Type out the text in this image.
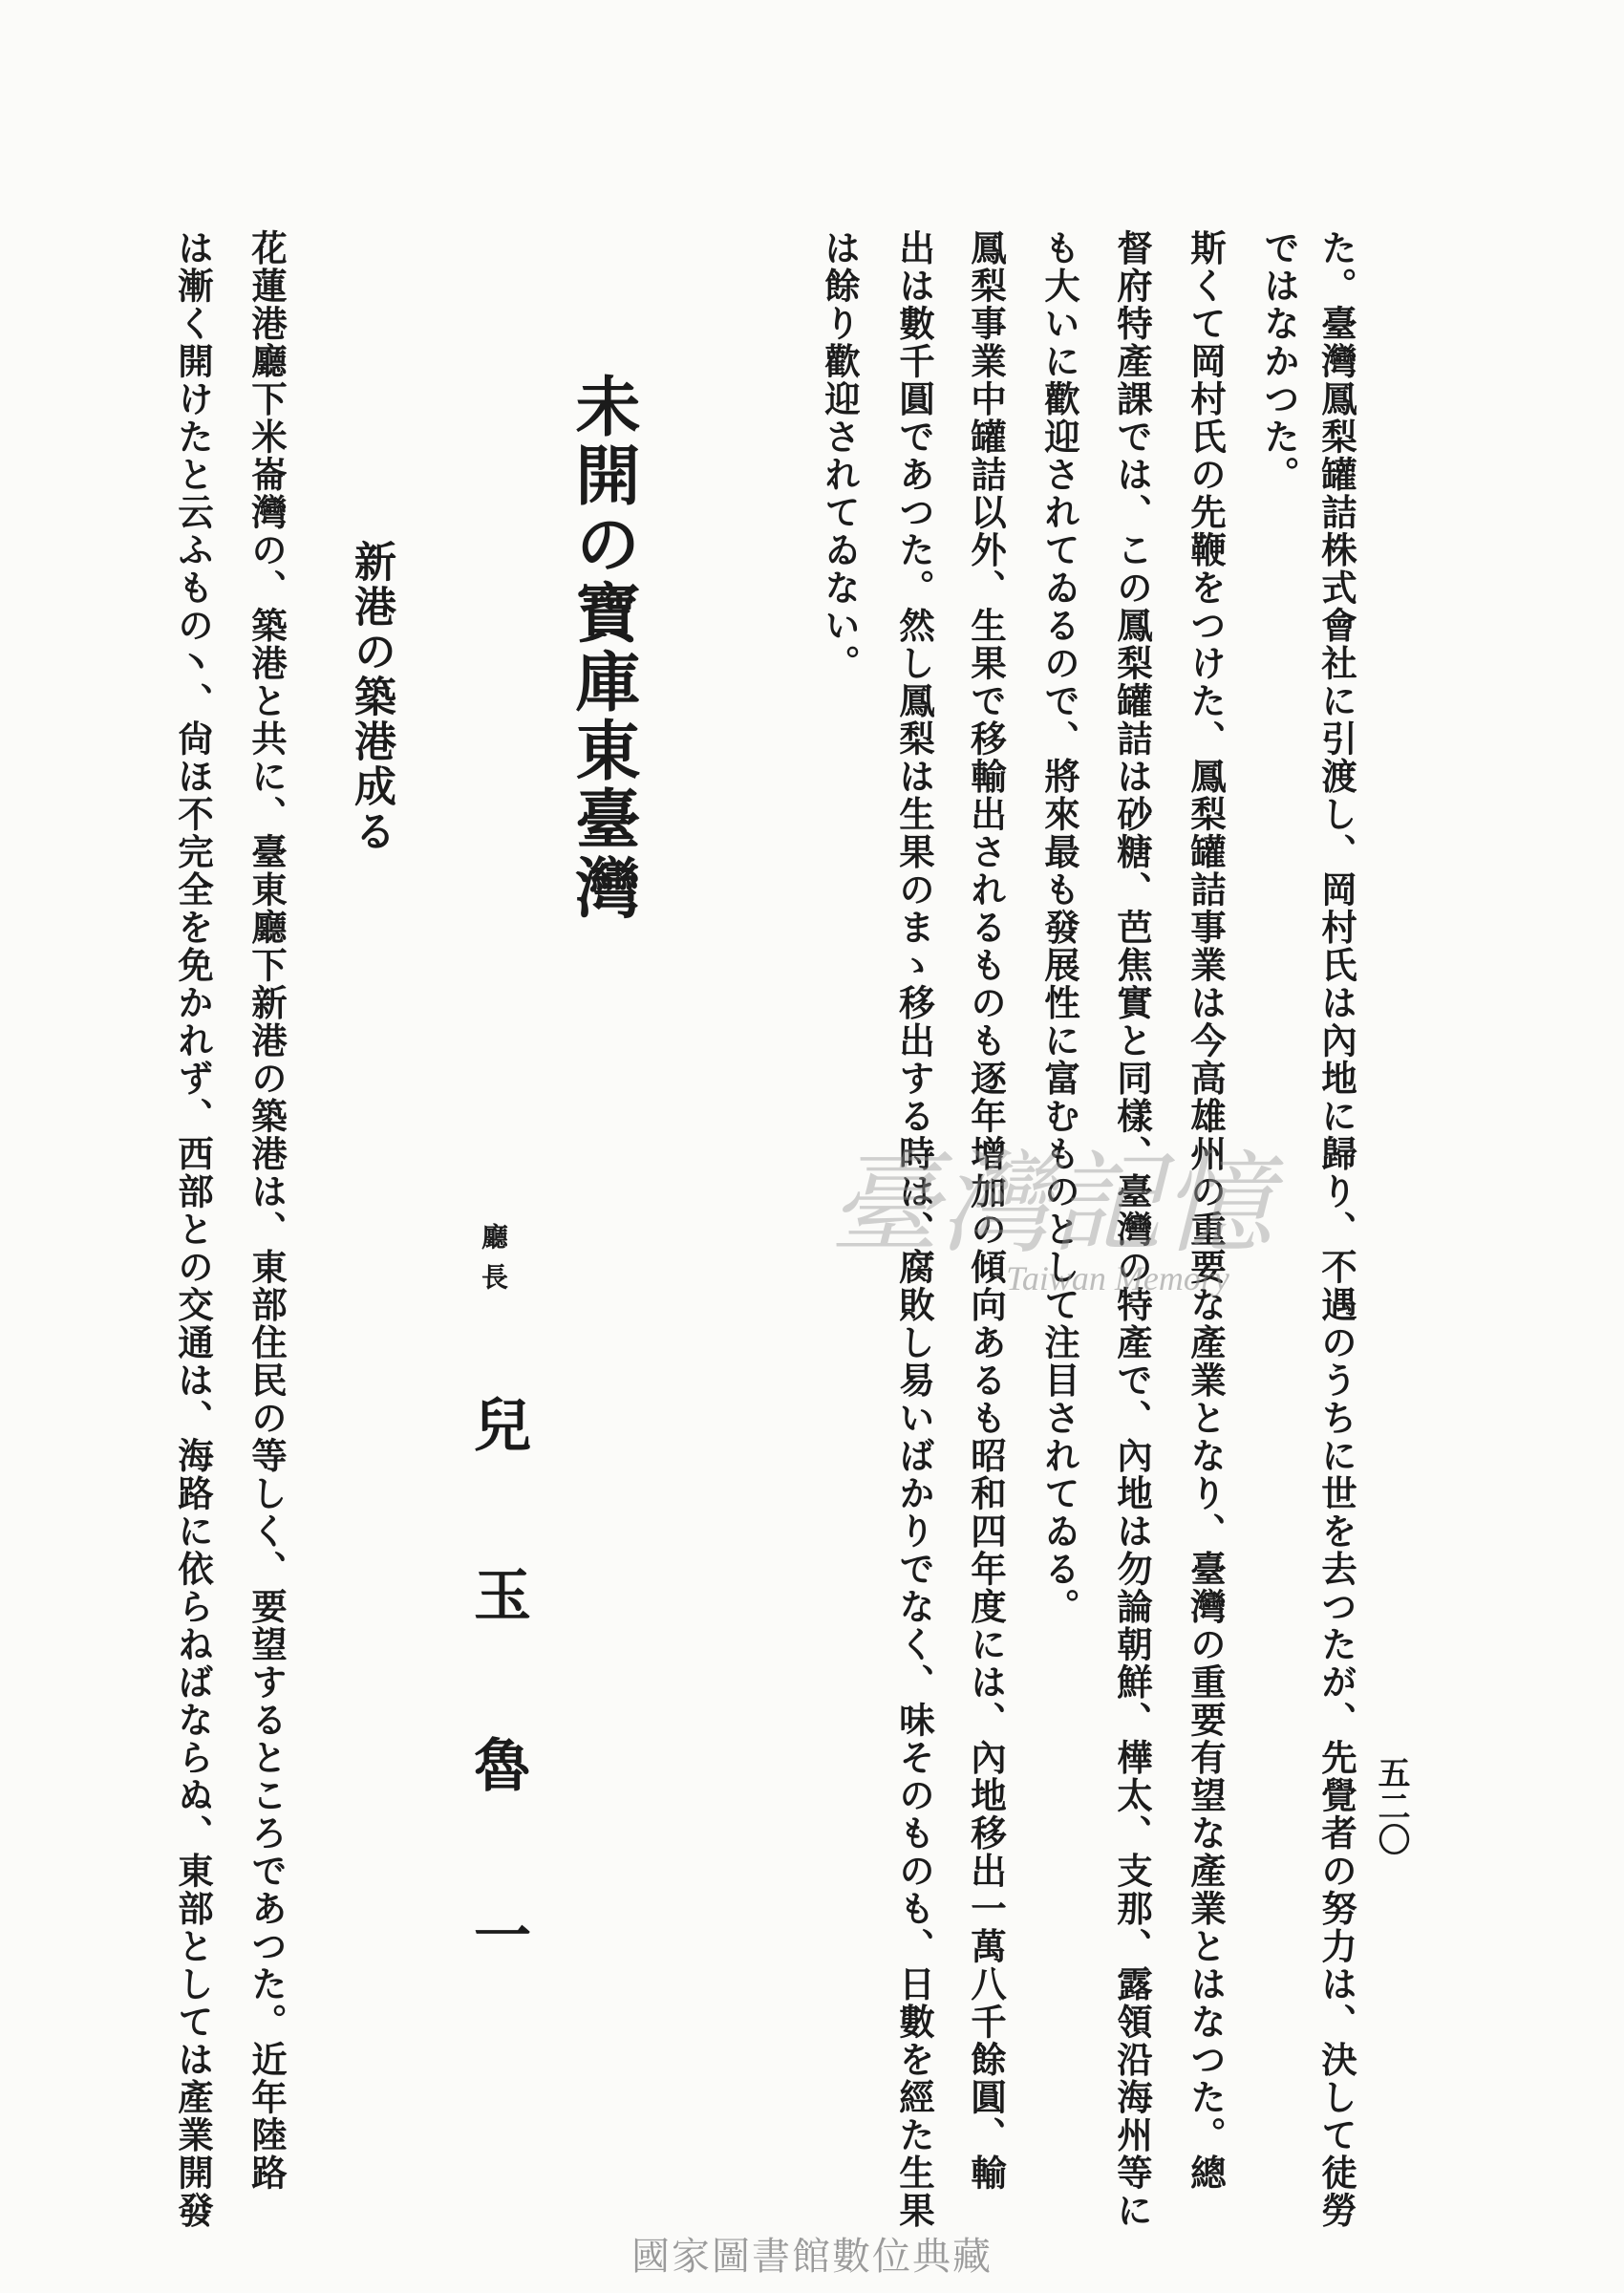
五二〇
た。臺灣鳳梨罐詰株式會社に引渡し、岡村氏は內地に歸り、不遇のうちに世を去つたが、先覺者の努力は、決して徒勞
ではなかつた。
斯くて岡村氏の先鞭をつけた、鳳梨罐詰事業は今高雄州の重要な產業となり、臺灣の重要有望な產業とはなつた。總
督府特產課では、この鳳梨罐詰は砂糖、芭焦實と同樣、臺灣の特產で、內地は勿論朝鮮、樺太、支那、露領沿海州等に
も大いに歡迎されてゐるので、將來最も發展性に富むものとして注目されてゐる。
鳳梨事業中罐詰以外、生果で移輸出されるものも逐年增加の傾向あるも昭和四年度には、內地移出一萬八千餘圓、輸
出は數千圓であつた。然し鳳梨は生果のまゝ移出する時は、腐敗し易いばかりでなく、味そのものも、日數を經た生果
は餘り歡迎されてゐない。
未開の寶庫東臺灣
廳長
兒玉魯一
新港の築港成る
花蓮港廳下米崙灣の、築港と共に、臺東廳下新港の築港は、東部住民の等しく、要望するところであつた。近年陸路
は漸く開けたと云ふもの丶、尙ほ不完全を免かれず、西部との交通は、海路に依らねばならぬ、東部としては產業開發	臺灣記憶
Taiwan Memory
國家圖書館數位典藏
